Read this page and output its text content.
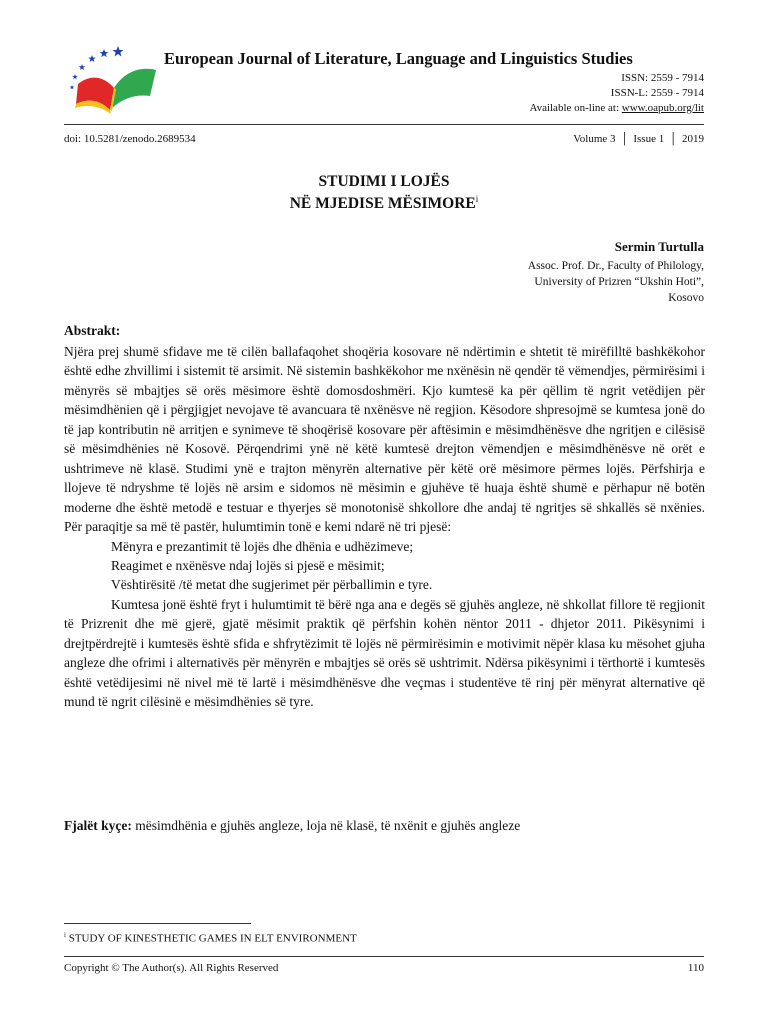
European Journal of Literature, Language and Linguistics Studies
ISSN: 2559 - 7914
ISSN-L: 2559 - 7914
Available on-line at: www.oapub.org/lit
doi: 10.5281/zenodo.2689534	Volume 3 │ Issue 1 │ 2019
STUDIMI I LOJËS
NË MJEDISE MËSIMORE$^i$
Sermin Turtulla
Assoc. Prof. Dr., Faculty of Philology,
University of Prizren “Ukshin Hoti”,
Kosovo
Abstrakt:

Njëra prej shumë sfidave me të cilën ballafaqohet shoqëria kosovare në ndërtimin e shtetit të mirëfilltë bashkëkohor është edhe zhvillimi i sistemit të arsimit. Në sistemin bashkëkohor me nxënësin në qendër të vëmendjes, përmirësimi i mënyrës së mbajtjes së orës mësimore është domosdoshmëri. Kjo kumtesë ka për qëllim të ngrit vetëdijen për mësimdhënien që i përgjigjet nevojave të avancuara të nxënësve në regjion. Kësodore shpresojmë se kumtesa jonë do të jap kontributin në arritjen e synimeve të shoqërisë kosovare për aftësimin e mësimdhënësve dhe ngritjen e cilësisë së mësimdhënies në Kosovë. Përqendrimi ynë në këtë kumtesë drejton vëmendjen e mësimdhënësve në orët e ushtrimeve në klasë. Studimi ynë e trajton mënyrën alternative për këtë orë mësimore përmes lojës. Përfshirja e llojeve të ndryshme të lojës në arsim e sidomos në mësimin e gjuhëve të huaja është shumë e përhapur në botën moderne dhe është metodë e testuar e thyerjes së monotonisë shkollore dhe andaj të ngritjes së shkallës së nxënies. Për paraqitje sa më të pastër, hulumtimin tonë e kemi ndarë në tri pjesë:

Mënyra e prezantimit të lojës dhe dhënia e udhëzimeve;

Reagimet e nxënësve ndaj lojës si pjesë e mësimit;

Vështirësitë /të metat dhe sugjerimet për përballimin e tyre.

Kumtesa jonë është fryt i hulumtimit të bërë nga ana e degës së gjuhës angleze, në shkollat fillore të regjionit të Prizrenit dhe më gjerë, gjatë mësimit praktik që përfshin kohën nëntor 2011 - dhjetor 2011. Pikësynimi i drejtpërdrejtë i kumtesës është sfida e shfrytëzimit të lojës në përmirësimin e motivimit nëpër klasa ku mësohet gjuha angleze dhe ofrimi i alternativës për mënyrën e mbajtjes së orës së ushtrimit. Ndërsa pikësynimi i tërthortë i kumtesës është vetëdijesimi në nivel më të lartë i mësimdhënësve dhe veçmas i studentëve të rinj për mënyrat alternative që mund të ngrit cilësinë e mësimdhënies së tyre.

Fjalët kyçe: mësimdhënia e gjuhës angleze, loja në klasë, të nxënit e gjuhës angleze
$^i$ STUDY OF KINESTHETIC GAMES IN ELT ENVIRONMENT
Copyright © The Author(s). All Rights Reserved	110
